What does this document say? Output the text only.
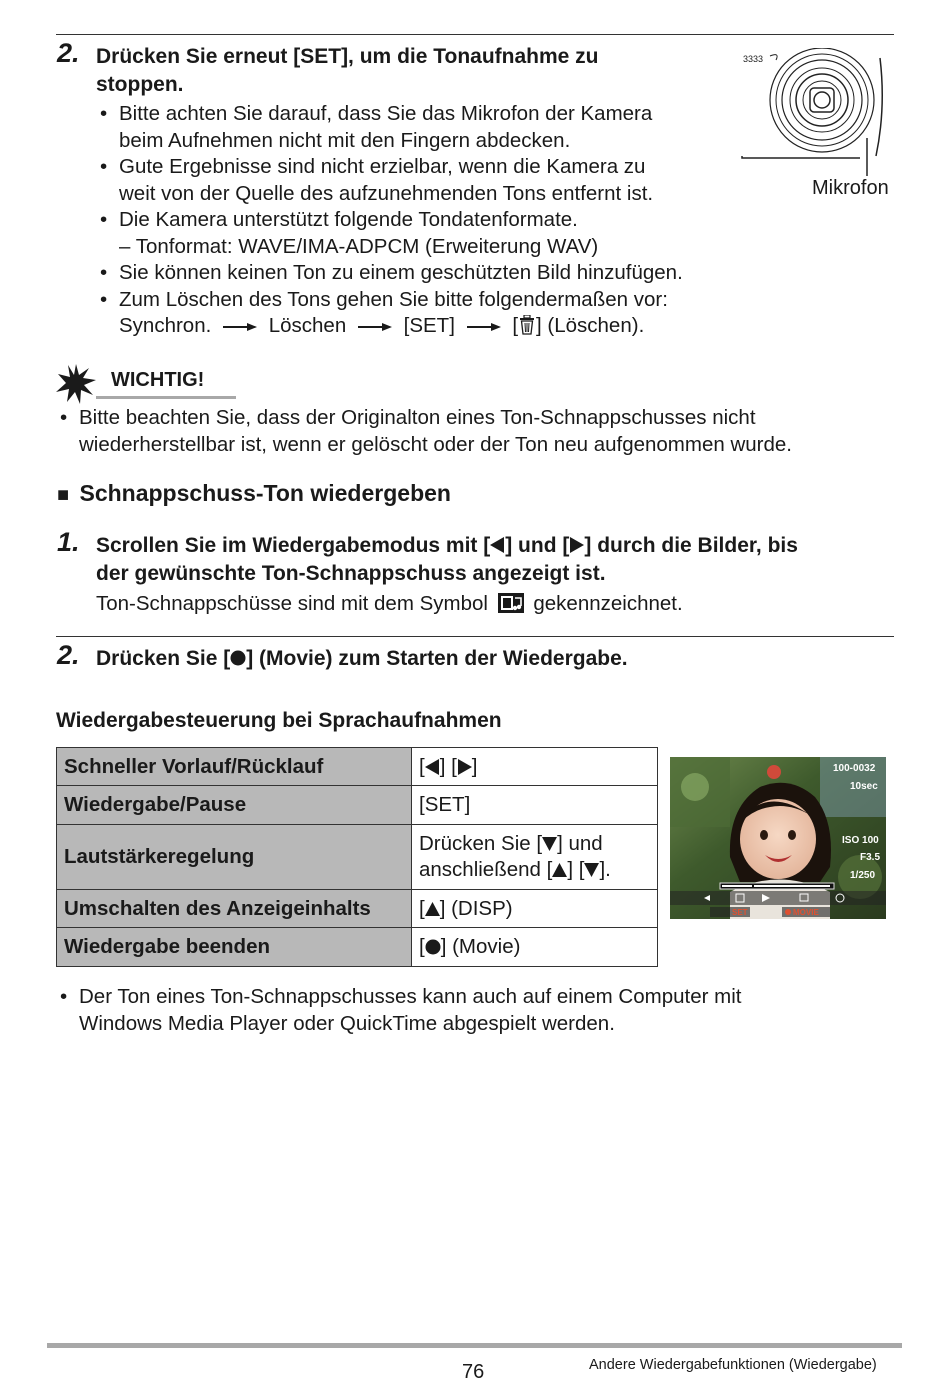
2. Drücken Sie erneut [SET], um die Tonaufnahme zu
stoppen.
• Bitte achten Sie darauf, dass Sie das Mikrofon der Kamera
beim Aufnehmen nicht mit den Fingern abdecken.
• Gute Ergebnisse sind nicht erzielbar, wenn die Kamera zu
weit von der Quelle des aufzunehmenden Tons entfernt ist.
• Die Kamera unterstützt folgende Tondatenformate.
– Tonformat: WAVE/IMA-ADPCM (Erweiterung WAV)
• Sie können keinen Ton zu einem geschützten Bild hinzufügen.
• Zum Löschen des Tons gehen Sie bitte folgendermaßen vor:
Synchron.	Löschen	[SET]	[ ] (Löschen).
3333
Mikrofon
WICHTIG!
• Bitte beachten Sie, dass der Originalton eines Ton-Schnappschusses nicht
wiederherstellbar ist, wenn er gelöscht oder der Ton neu aufgenommen wurde.
■ Schnappschuss-Ton wiedergeben
1. Scrollen Sie im Wiedergabemodus mit [ ] und [ ] durch die Bilder, bis
der gewünschte Ton-Schnappschuss angezeigt ist.
Ton-Schnappschüsse sind mit dem Symbol gekennzeichnet.
2. Drücken Sie [ ] (Movie) zum Starten der Wiedergabe.
Wiedergabesteuerung bei Sprachaufnahmen
Schneller Vorlauf/Rücklauf	[ ] [ ]
Wiedergabe/Pause	[SET]
Lautstärkeregelung	Drücken Sie [ ] und
anschließend [ ] [ ].

Umschalten des Anzeigeinhalts	[ ] (DISP)
Wiedergabe beenden	[ ] (Movie)
100-0032
10sec
ISO 100
F3.5
1/250
SET	MOVIE
• Der Ton eines Ton-Schnappschusses kann auch auf einem Computer mit
Windows Media Player oder QuickTime abgespielt werden.
76	Andere Wiedergabefunktionen (Wiedergabe)
